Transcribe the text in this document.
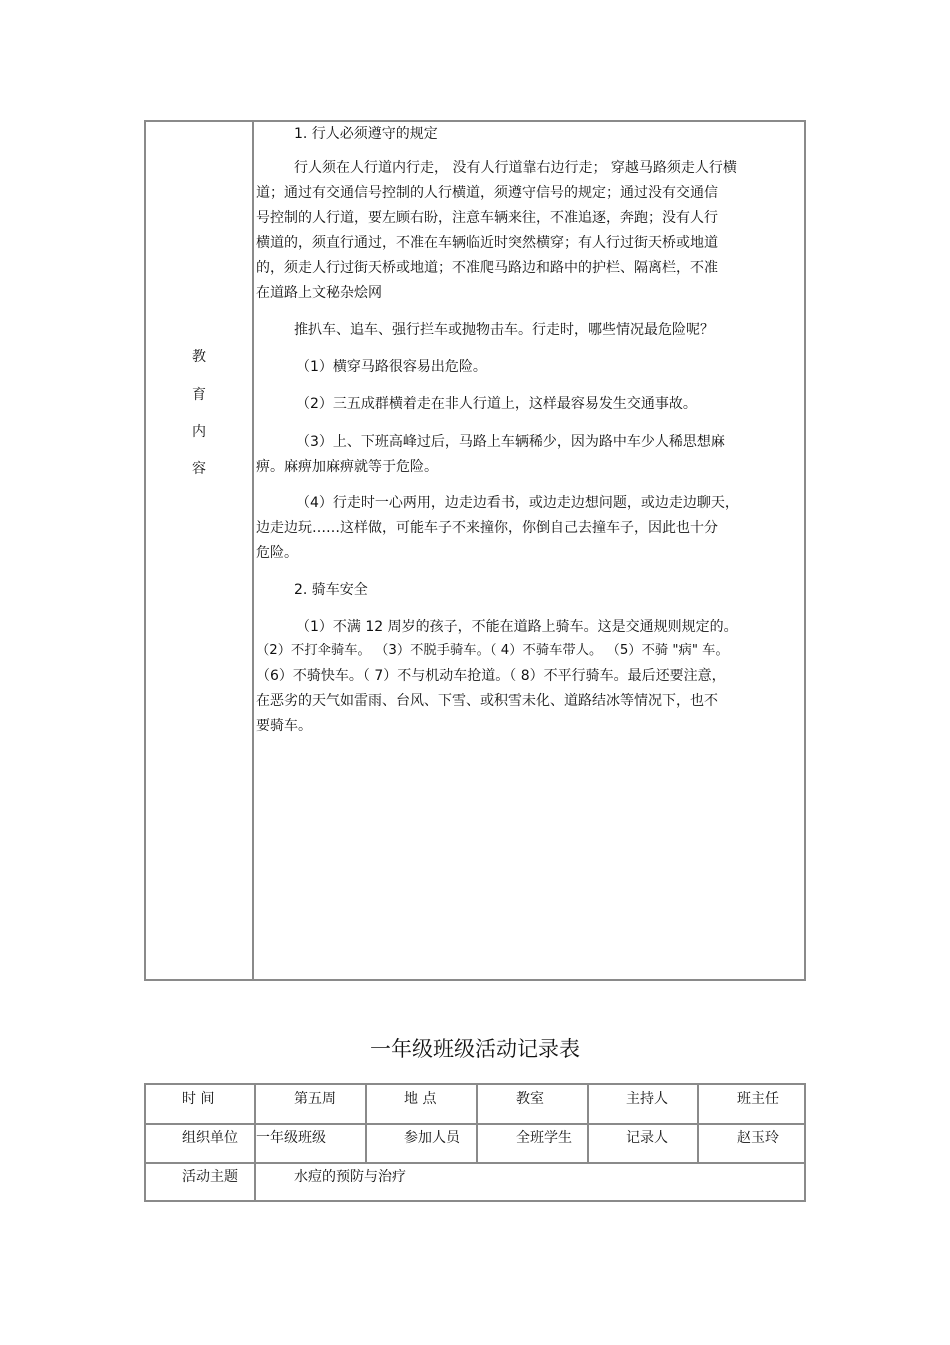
教
育
内
容
1. 行人必须遵守的规定
行人须在人行道内行走， 没有人行道靠右边行走； 穿越马路须走人行横
道；通过有交通信号控制的人行横道，须遵守信号的规定；通过没有交通信
号控制的人行道，要左顾右盼，注意车辆来往，不准追逐，奔跑；没有人行
横道的，须直行通过，不准在车辆临近时突然横穿；有人行过街天桥或地道
的，须走人行过街天桥或地道；不准爬马路边和路中的护栏、隔离栏，不准
在道路上文秘杂烩网
推扒车、追车、强行拦车或抛物击车。行走时，哪些情况最危险呢？
（1）横穿马路很容易出危险。
（2）三五成群横着走在非人行道上，这样最容易发生交通事故。
（3）上、下班高峰过后，马路上车辆稀少，因为路中车少人稀思想麻
痹。麻痹加麻痹就等于危险。
（4）行走时一心两用，边走边看书，或边走边想问题，或边走边聊天，
边走边玩……这样做，可能车子不来撞你，你倒自己去撞车子，因此也十分
危险。
2. 骑车安全
（1）不满 12 周岁的孩子，不能在道路上骑车。这是交通规则规定的。
（2）不打伞骑车。 （3）不脱手骑车。（ 4）不骑车带人。 （5）不骑 "病" 车。
（6）不骑快车。（ 7）不与机动车抢道。（ 8）不平行骑车。最后还要注意，
在恶劣的天气如雷雨、台风、下雪、或积雪未化、道路结冰等情况下，也不
要骑车。
一年级班级活动记录表
时 间	第五周	地 点	教室	主持人	班主任
组织单位 一年级班级	参加人员	全班学生	记录人	赵玉玲
活动主题	水痘的预防与治疗
